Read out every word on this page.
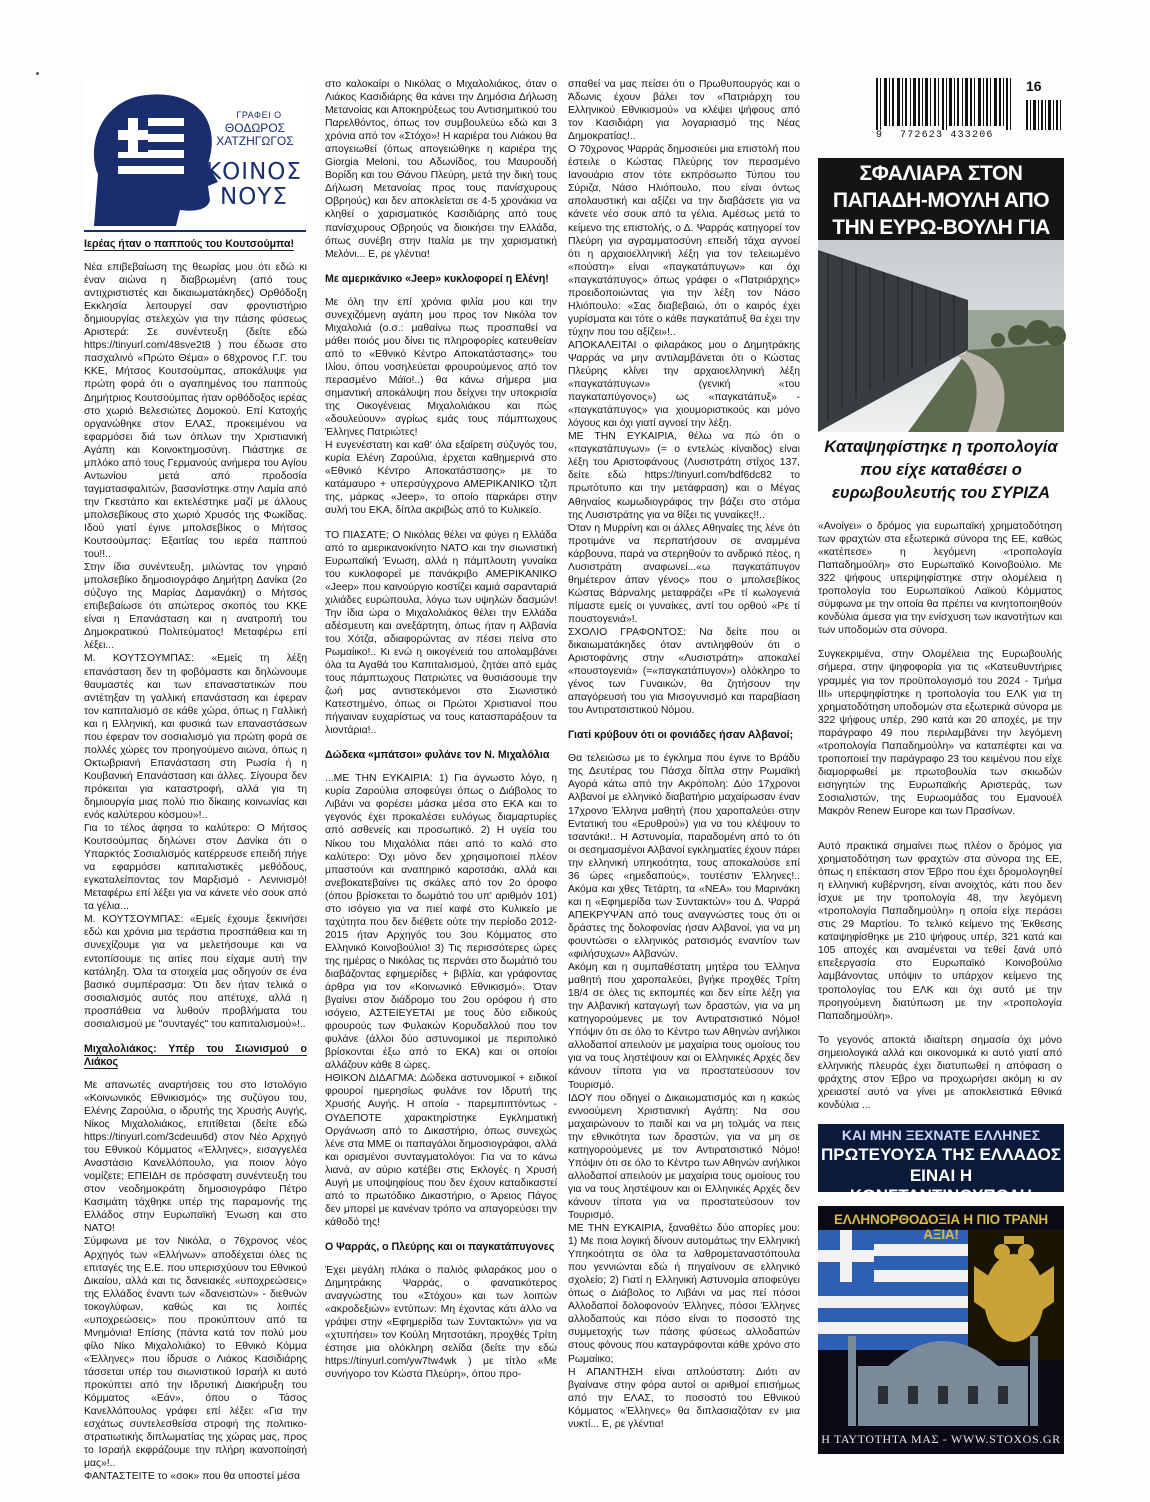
ΓΡΑΦΕΙ Ο
ΘΟΔΩΡΟΣ
ΧΑΤΖΗΓΩΓΟΣ
ΚΟΙΝΟΣ
ΝΟΥΣ

Ιερέας ήταν ο παππούς του Κουτσούμπα!

Νέα επιβεβαίωση της θεωρίας μου ότι εδώ κι έναν αιώνα η διαβρωμένη (από τους αντιχριστιστές και δικαιωματάκηδες) Ορθόδοξη Εκκλησία λειτουργεί σαν φροντιστήριο δημιουργίας στελεχών για την πάσης φύσεως Αριστερά: Σε συνέντευξη (δείτε εδώ https://tinyurl.com/48sve2t8 ) που έδωσε στο πασχαλινό «Πρώτο Θέμα» ο 68χρονος Γ.Γ. του ΚΚΕ, Μήτσος Κουτσούμπας, αποκάλυψε για πρώτη φορά ότι ο αγαπημένος του παππούς Δημήτριος Κουτσούμπας ήταν ορθόδοξος ιερέας στο χωριό Βελεσιώτες Δομοκού. Επί Κατοχής οργανώθηκε στον ΕΛΑΣ, προκειμένου να εφαρμόσει διά των όπλων την Χριστιανική Αγάπη και Κοινοκτημοσύνη. Πιάστηκε σε μπλόκο από τους Γερμανούς ανήμερα του Αγίου Αντωνίου μετά από προδοσία ταγματασφαλιτών, βασανίστηκε στην Λαμία από την Γκεστάπο και εκτελέστηκε μαζί με άλλους μπολσεβίκους στο χωριό Χρυσός της Φωκίδας. Ιδού γιατί έγινε μπολσεβίκος ο Μήτσος Κουτσούμπας: Εξαιτίας του ιερέα παππού του!!..

Στην ίδια συνέντευξη, μιλώντας τον γηραιό μπολσεβίκο δημοσιογράφο Δημήτρη Δανίκα (2ο σύζυγο της Μαρίας Δαμανάκη) ο Μήτσος επιβεβαίωσε ότι απώτερος σκοπός του ΚΚΕ είναι η Επανάσταση και η ανατροπή του Δημοκρατικού Πολιτεύματος! Μεταφέρω επί λέξει...

Μ. ΚΟΥΤΣΟΥΜΠΑΣ: «Εμείς τη λέξη επανάσταση δεν τη φοβόμαστε και δηλώνουμε θαυμαστές και των επαναστατικών που αντέτηξαν τη γαλλική επανάσταση και έφεραν τον καπιταλισμό σε κάθε χώρα, όπως η Γαλλική και η Ελληνική, και φυσικά των επαναστάσεων που έφεραν τον σοσιαλισμό για πρώτη φορά σε πολλές χώρες τον προηγούμενο αιώνα, όπως η Οκτωβριανή Επανάσταση στη Ρωσία ή η Κουβανική Επανάσταση και άλλες. Σίγουρα δεν πρόκειται για καταστροφή, αλλά για τη δημιουργία μιας πολύ πιο δίκαιης κοινωνίας και ενός καλύτερου κόσμου»!..

Για το τέλος άφησα το καλύτερο: Ο Μήτσος Κουτσούμπας δηλώνει στον Δανίκα ότι ο Υπαρκτός Σοσιαλισμός κατέρρευσε επειδή πήγε να εφαρμόσει καπιταλιστικές μεθόδους, εγκαταλείποντας τον Μαρξισμό - Λενινισμό! Μεταφέρω επί λέξει για να κάνετε νέο σουκ από τα γέλια...

Μ. ΚΟΥΤΣΟΥΜΠΑΣ: «Εμείς έχουμε ξεκινήσει εδώ και χρόνια μια τεράστια προσπάθεια και τη συνεχίζουμε για να μελετήσουμε και να εντοπίσουμε τις αιτίες που είχαμε αυτή την κατάληξη. Όλα τα στοιχεία μας οδηγούν σε ένα βασικό συμπέρασμα: Ότι δεν ήταν τελικά ο σοσιαλισμός αυτός που απέτυχε, αλλά η προσπάθεια να λυθούν προβλήματα του σοσιαλισμού με "συνταγές" του καπιταλισμού»!..

Μιχαλολιάκος: Υπέρ του Σιωνισμού ο Λιάκος

Με απανωτές αναρτήσεις του στο Ιστολόγιο «Κοινωνικός Εθνικισμός» της συζύγου του, Ελένης Ζαρούλια, ο ιδρυτής της Χρυσής Αυγής, Νίκος Μιχαλολιάκος, επιτίθεται (δείτε εδώ https://tinyurl.com/3cdeuu6d) στον Νέο Αρχηγό του Εθνικού Κόμματος «Έλληνες», εισαγγελέα Αναστάσιο Κανελλόπουλο, για ποιον λόγο νομίζετε; ΕΠΕΙΔΗ σε πρόσφατη συνέντευξη του στον νεοδημοκράτη δημοσιογράφο Πέτρο Κασιμάτη τάχθηκε υπέρ της παραμονής της Ελλάδος στην Ευρωπαϊκή Ένωση και στο ΝΑΤΟ!

Σύμφωνα με τον Νικόλα, ο 76χρονος νέος Αρχηγός των «Ελλήνων» αποδέχεται όλες τις επιταγές της Ε.Ε. που υπερισχύουν του Εθνικού Δικαίου, αλλά και τις δανειακές «υποχρεώσεις» της Ελλάδος έναντι των «δανειστών» - διεθνών τοκογλύφων, καθώς και τις λοιπές «υποχρεώσεις» που προκύπτουν από τα Μνημόνια! Επίσης (πάντα κατά τον πολύ μου φίλο Νίκο Μιχαλολιάκο) το Εθνικό Κόμμα «Έλληνες» που ίδρυσε ο Λιάκος Κασιδιάρης τάσσεται υπέρ του σιωνιστικού Ισραήλ κι αυτό προκύπτει από την Ιδρυτική Διακήρυξη του Κόμματος «Εάν», όπου ο Τάσος Κανελλόπουλος γράφει επί λέξει: «Για την εσχάτως συντελεσθείσα στροφή της πολιτικο-στρατιωτικής διπλωματίας της χώρας μας, προς το Ισραήλ εκφράζουμε την πλήρη ικανοποίησή μας»!..

ΦΑΝΤΑΣΤΕΙΤΕ το «σοκ» που θα υποστεί μέσα

στο καλοκαίρι ο Νικόλας ο Μιχαλολιάκος, όταν ο Λιάκος Κασιδιάρης θα κάνει την Δημόσια Δήλωση Μετανοίας και Αποκηρύξεως του Αντισημιτικού του Παρελθόντος, όπως τον συμβουλεύω εδώ και 3 χρόνια από τον «Στόχο»! Η καριέρα του Λιάκου θα απογειωθεί (όπως απογειώθηκε η καριέρα της Giorgia Meloni, του Αδωνίδος, του Μαυρουδή Βορίδη και του Θάνου Πλεύρη, μετά την δική τους Δήλωση Μετανοίας προς τους πανίσχυρους Οβρηούς) και δεν αποκλείεται σε 4-5 χρονάκια να κληθεί ο χαρισματικός Κασιδιάρης από τους πανίσχυρους Οβρηούς να διοικήσει την Ελλάδα, όπως συνέβη στην Ιταλία με την χαρισματική Μελόνι... Ε, ρε γλέντια!

Με αμερικάνικο «Jeep» κυκλοφορεί η Ελένη!

Με όλη την επί χρόνια φιλία μου και την συνεχιζόμενη αγάπη μου προς τον Νικόλα τον Μιχαλολιά (ο.σ.: μαθαίνω πως προσπαθεί να μάθει ποιός μου δίνει τις πληροφορίες κατευθείαν από το «Εθνικό Κέντρο Αποκατάστασης» του Ιλίου, όπου νοσηλεύεται φρουρούμενος από τον περασμένο Μάϊο!..) θα κάνω σήμερα μια σημαντική αποκάλυψη που δείχνει την υποκρισία της Οικογένειας Μιχαλολιάκου και πώς «δουλεύουν» αγρίως εμάς τους πάμπτωχους Έλληνες Πατριώτες!

Η ευγενέστατη και καθ' όλα εξαίρετη σύζυγός του, κυρία Ελένη Ζαρούλια, έρχεται καθημερινά στο «Εθνικό Κέντρο Αποκατάστασης» με το κατάμαυρο + υπερσύγχρονο ΑΜΕΡΙΚΑΝΙΚΟ τζιπ της, μάρκας «Jeep», το οποίο παρκάρει στην αυλή του ΕΚΑ, δίπλα ακριβώς από το Κυλικείο.

ΤΟ ΠΙΑΣΑΤΕ; Ο Νικόλας θέλει να φύγει η Ελλάδα από το αμερικανοκίνητο ΝΑΤΟ και την σιωνιστική Ευρωπαϊκή Ένωση, αλλά η πάμπλουτη γυναίκα του κυκλοφορεί με πανάκριβο ΑΜΕΡΙΚΑΝΙΚΟ «Jeep» που καινούργιο κοστίζει καμιά σαρανταριά χιλιάδες ευρώπουλα, λόγω των υψηλών δασμών! Την ίδια ώρα ο Μιχαλολιάκος θέλει την Ελλάδα αδέσμευτη και ανεξάρτητη, όπως ήταν η Αλβανία του Χότζα, αδιαφορώντας αν πέσει πείνα στο Ρωμαίικο!.. Κι ενώ η οικογένειά του απολαμβάνει όλα τα Αγαθά του Καπιταλισμού, ζητάει από εμάς τους πάμπτωχους Πατριώτες να θυσιάσουμε την ζωή μας αντιστεκόμενοι στο Σιωνιστικό Κατεστημένο, όπως οι Πρώτοι Χριστιανοί που πήγαιναν ευχαρίστως να τους κατασπαράξουν τα λιοντάρια!..

Δώδεκα «μπάτσοι» φυλάνε τον Ν. Μιχαλόλια

...ΜΕ ΤΗΝ ΕΥΚΑΙΡΙΑ: 1) Για άγνωστο λόγο, η κυρία Ζαρούλια αποφεύγει όπως ο Διάβολος το Λιβάνι να φορέσει μάσκα μέσα στο ΕΚΑ και το γεγονός έχει προκαλέσει ευλόγως διαμαρτυρίες από ασθενείς και προσωπικό. 2) Η υγεία του Νίκου του Μιχαλόλια πάει από το καλό στο καλύτερο: Όχι μόνο δεν χρησιμοποιεί πλέον μπαστούνι και αναπηρικό καροτσάκι, αλλά και ανεβοκατεβαίνει τις σκάλες από τον 2ο όροφο (όπου βρίσκεται το δωμάτιό του υπ' αριθμόν 101) στο ισόγειο για να πιεί καφέ στο Κυλικείο με ταχύτητα που δεν διέθετε ούτε την περίοδο 2012-2015 ήταν Αρχηγός του 3ου Κόμματος στο Ελληνικό Κοινοβούλιο! 3) Τις περισσότερες ώρες της ημέρας ο Νικόλας τις περνάει στο δωμάτιό του διαβάζοντας εφημερίδες + βιβλία, και γράφοντας άρθρα για τον «Κοινωνικό Εθνικισμό». Όταν βγαίνει στον διάδρομο του 2ου ορόφου ή στο ισόγειο, ΑΣΤΕΙΕΥΕΤΑΙ με τους δύο ειδικούς φρουρούς των Φυλακών Κορυδαλλού που τον φυλάνε (άλλοι δύο αστυνομικοί με περιπολικό βρίσκονται έξω από το ΕΚΑ) και οι οποίοι αλλάζουν κάθε 8 ώρες.

ΗΘΙΚΟΝ ΔΙΔΑΓΜΑ: Δώδεκα αστυνομικοί + ειδικοί φρουροί ημερησίως φυλάνε τον Ιδρυτή της Χρυσής Αυγής. Η οποία - παρεμπιπτόντως - ΟΥΔΕΠΟΤΕ χαρακτηρίστηκε Εγκληματική Οργάνωση από το Δικαστήριο, όπως συνεχώς λένε στα ΜΜΕ οι παπαγάλοι δημοσιογράφοι, αλλά και ορισμένοι συνταγματολόγοι: Για να το κάνω λιανά, αν αύριο κατέβει στις Εκλογές η Χρυσή Αυγή με υποψηφίους που δεν έχουν καταδικαστεί από το πρωτόδικο Δικαστήριο, ο Άρειος Πάγος δεν μπορεί με κανέναν τρόπο να απαγορεύσει την κάθοδό της!

Ο Ψαρράς, ο Πλεύρης και οι παγκατάπυγονες

Έχει μεγάλη πλάκα ο παλιός φιλαράκος μου ο Δημητράκης Ψαρράς, ο φανατικότερος αναγνώστης του «Στόχου» και των λοιπών «ακροδεξιών» εντύπων: Μη έχοντας κάτι άλλο να γράψει στην «Εφημερίδα των Συντακτών» για να «χτυπήσει» τον Κούλη Μητσοτάκη, προχθές Τρίτη έστησε μια ολόκληρη σελίδα (δείτε την εδώ https://tinyurl.com/yw7tw4wk ) με τίτλο «Με συνήγορο τον Κώστα Πλεύρη», όπου προ-

σπαθεί να μας πείσει ότι ο Πρωθυπουργός και ο Άδωνις έχουν βάλει τον «Πατριάρχη του Ελληνικού Εθνικισμού» να κλέψει ψήφους από τον Κασιδιάρη για λογαριασμό της Νέας Δημοκρατίας!..

Ο 70χρονος Ψαρράς δημοσιεύει μια επιστολή που έστειλε ο Κώστας Πλεύρης τον περασμένο Ιανουάριο στον τότε εκπρόσωπο Τύπου του Σύριζα, Νάσο Ηλιόπουλο, που είναι όντως απολαυστική και αξίζει να την διαβάσετε για να κάνετε νέο σουκ από τα γέλια. Αμέσως μετά το κείμενο της επιστολής, ο Δ. Ψαρράς κατηγορεί τον Πλεύρη για αγραμματοσύνη επειδή τάχα αγνοεί ότι η αρχαιοελληνική λέξη για τον τελειωμένο «πούστη» είναι «παγκατάπυγων» και όχι «παγκατάπυγος» όπως γράφει ο «Πατριάρχης» προειδοποιώντας για την λέξη τον Νάσο Ηλιόπουλο: «Σας διαβεβαιώ, ότι ο καιρός έχει γυρίσματα και τότε ο κάθε παγκατάπυξ θα έχει την τύχην που του αξίζει»!..

ΑΠΟΚΑΛΕΙΤΑΙ ο φιλαράκος μου ο Δημητράκης Ψαρράς να μην αντιλαμβάνεται ότι ο Κώστας Πλεύρης κλίνει την αρχαιοελληνική λέξη «παγκατάπυγων» (γενική «του παγκαταπύγονος») ως «παγκατάπυξ» - «παγκατάπυγος» για χιουμοριστικούς και μόνο λόγους και όχι γιατί αγνοεί την λέξη.

ΜΕ ΤΗΝ ΕΥΚΑΙΡΙΑ, θέλω να πώ ότι ο «παγκατάπυγων» (= ο εντελώς κίναιδος) είναι λέξη του Αριστοφάνους (Λυσιστράτη στίχος 137, δείτε εδώ https://tinyurl.com/bdf6dc82 το πρωτότυπο και την μετάφραση) και ο Μέγας Αθηναίος κωμωδιογράφος την βάζει στο στόμα της Λυσιστράτης για να θίξει τις γυναίκες!!..

Όταν η Μυρρίνη και οι άλλες Αθηναίες της λένε ότι προτιμάνε να περπατήσουν σε αναμμένα κάρβουνα, παρά να στερηθούν το ανδρικό πέος, η Λυσιστράτη αναφωνεί...«ω παγκατάπυγον θημέτερον άπαν γένος» που ο μπολσεβίκος Κώστας Βάρναλης μεταφράζει «Ρε τί κωλογενιά πίμαστε εμείς οι γυναίκες, αντί του ορθού «Ρε τί πουστογενιά»!.

ΣΧΟΛΙΟ ΓΡΑΦΟΝΤΟΣ: Να δείτε που οι δικαιωματάκηδες όταν αντιληφθούν ότι ο Αριστοφάνης στην «Λυσιστράτη» αποκαλεί «πουστογενιά» (=«παγκατάπυγον») ολόκληρο το γένος των Γυναικών, θα ζητήσουν την απαγόρευσή του για Μισογυνισμό και παραβίαση του Αντιρατσιστικού Νόμου.

Γιατί κρύβουν ότι οι φονιάδες ήσαν Αλβανοί;

Θα τελειώσω με το έγκλημα που έγινε το Βράδυ της Δευτέρας του Πάσχα δίπλα στην Ρωμαϊκή Αγορά κάτω από την Ακρόπολη: Δύο 17χρονοι Αλβανοί με ελληνικό διαβατήριο μαχαίρωσαν έναν 17χρονο Έλληνα μαθητή (που χαροπαλεύει στην Εντατική του «Ερυθρού») για να του κλέψουν το τσαντάκι!.. Η Αστυνομία, παραδομένη από το ότι οι σεσημασμένοι Αλβανοί εγκληματίες έχουν πάρει την ελληνική υπηκοότητα, τους αποκαλούσε επί 36 ώρες «ημεδαπούς», τουτέστιν Έλληνες!.. Ακόμα και χθες Τετάρτη, τα «ΝΕΑ» του Μαρινάκη και η «Εφημερίδα των Συντακτών» του Δ. Ψαρρά ΑΠΕΚΡΥΨΑΝ από τους αναγνώστες τους ότι οι δράστες της δολοφονίας ήσαν Αλβανοί, για να μη φουντώσει ο ελληνικός ρατσισμός εναντίον των «φιλήσυχων» Αλβανών.

Ακόμη και η συμπαθέστατη μητέρα του Έλληνα μαθητή που χαροπαλεύει, βγήκε προχθές Τρίτη 18/4 σε όλες τις εκπομπές και δεν είπε λέξη για την Αλβανική καταγωγή των δραστών, για να μη κατηγορούμενες με τον Αντιρατσιστικό Νόμο! Υπόψιν ότι σε όλο το Κέντρο των Αθηνών ανήλικοι αλλοδαποί απειλούν με μαχαίρια τους ομοίους του για να τους ληστέψουν και οι Ελληνικές Αρχές δεν κάνουν τίποτα για να προστατεύσουν τον Τουρισμό.

ΙΔΟΥ που οδηγεί ο Δικαιωματισμός και η κακώς εννοούμενη Χριστιανική Αγάπη: Να σου μαχαιρώνουν το παιδί και να μη τολμάς να πεις την εθνικότητα των δραστών, για να μη σε κατηγορούμενες με τον Αντιρατσιστικό Νόμο! Υπόψιν ότι σε όλο το Κέντρο των Αθηνών ανήλικοι αλλοδαποί απειλούν με μαχαίρια τους ομοίους του για να τους ληστέψουν και οι Ελληνικές Αρχές δεν κάνουν τίποτα για να προστατεύσουν τον Τουρισμό.

ΜΕ ΤΗΝ ΕΥΚΑΙΡΙΑ, ξαναθέτω δύο απορίες μου: 1) Με ποια λογική δίνουν αυτομάτως την Ελληνική Υπηκοότητα σε όλα τα λαθρομεταναστόπουλα που γεννιώνται εδώ ή πηγαίνουν σε ελληνικό σχολείο; 2) Γιατί η Ελληνική Αστυνομία αποφεύγει όπως ο Διάβολος το Λιβάνι να μας πεί πόσοι Αλλοδαποί δολοφονούν Έλληνες, πόσοι Έλληνες αλλοδαπούς και πόσο είναι το ποσοστό της συμμετοχής των πάσης φύσεως αλλοδαπών στους φόνους που καταγράφονται κάθε χρόνο στο Ρωμαίικο;

Η ΑΠΑΝΤΗΣΗ είναι απλούστατη: Διότι αν βγαίνανε στην φόρα αυτοί οι αριθμοί επισήμως από την ΕΛΑΣ, το ποσοστό του Εθνικού Κόμματος «Έλληνες» θα διπλασιαζόταν εν μια νυκτί... Ε, ρε γλέντια!

9 772623 433206
16
ΣΦΑΛΙΑΡΑ ΣΤΟΝ ΠΑΠΑΔΗ-ΜΟΥΛΗ ΑΠΟ ΤΗΝ ΕΥΡΩ-ΒΟΥΛΗ ΓΙΑ
Καταψηφίστηκε η τροπολογία που είχε καταθέσει ο ευρωβουλευτής του ΣΥΡΙΖΑ

«Ανοίγει» ο δρόμος για ευρωπαϊκή χρηματοδότηση των φραχτών στα εξωτερικά σύνορα της ΕΕ, καθώς «κατέπεσε» η λεγόμενη «τροπολογία Παπαδημούλη» στο Ευρωπαϊκό Κοινοβούλιο. Με 322 ψήφους υπερψηφίστηκε στην ολομέλεια η τροπολογία του Ευρωπαϊκού Λαϊκού Κόμματος σύμφωνα με την οποία θα πρέπει να κινητοποιηθούν κονδύλια άμεσα για την ενίσχυση των ικανοτήτων και των υποδομών στα σύνορα.

Συγκεκριμένα, στην Ολομέλεια της Ευρωβουλής σήμερα, στην ψηφοφορία για τις «Κατευθυντήριες γραμμές για τον προϋπολογισμό του 2024 - Τμήμα ΙΙΙ» υπερψηφίστηκε η τροπολογία του ΕΛΚ για τη χρηματοδότηση υποδομών στα εξωτερικά σύνορα με 322 ψήφους υπέρ, 290 κατά και 20 αποχές, με την παράγραφο 49 που περιλαμβάνει την λεγόμενη «τροπολογία Παπαδημούλη» να καταπέφτει και να τροποποιεί την παράγραφο 23 του κειμένου που είχε διαμορφωθεί με πρωτοβουλία των σκιωδών εισηγητών της Ευρωπαϊκής Αριστεράς, των Σοσιαλιστών, της Ευρωομάδας του Εμανουέλ Μακρόν Renew Europe και των Πρασίνων.

Αυτό πρακτικά σημαίνει πως πλέον ο δρόμος για χρηματοδότηση των φραχτών στα σύνορα της ΕΕ, όπως η επέκταση στον Έβρο που έχει δρομολογηθεί η ελληνική κυβέρνηση, είναι ανοιχτός, κάτι που δεν ίσχυε με την τροπολογία 48, την λεγόμενη «τροπολογία Παπαδημούλη» η οποία είχε περάσει στις 29 Μαρτίου. Το τελικό κείμενο της Έκθεσης καταψηφίσθηκε με 210 ψήφους υπέρ, 321 κατά και 105 αποχές και αναμένεται να τεθεί ξανά υπό επεξεργασία στο Ευρωπαϊκό Κοινοβούλιο λαμβάνοντας υπόψιν το υπάρχον κείμενο της τροπολογίας του ΕΛΚ και όχι αυτό με την προηγούμενη διατύπωση με την «τροπολογία Παπαδημούλη».

Το γεγονός αποκτά ιδιαίτερη σημασία όχι μόνο σημειολογικά αλλά και οικονομικά κι αυτό γιατί από ελληνικής πλευράς έχει διατυπωθεί η απόφαση ο φράχτης στον Έβρο να προχωρήσει ακόμη κι αν χρειαστεί αυτό να γίνει με αποκλειστικά Εθνικά κονδύλια ...

ΚΑΙ ΜΗΝ ΞΕΧΝΑΤΕ ΕΛΛΗΝΕΣ
ΠΡΩΤΕΥΟΥΣΑ ΤΗΣ ΕΛΛΑΔΟΣ
ΕΙΝΑΙ Η ΚΩΝΣΤΑΝΤΙΝΟΥΠΟΛΗ
ΕΛΛΗΝΟΡΘΟΔΟΞΙΑ Η ΠΙΟ ΤΡΑΝΗ ΑΞΙΑ!
Η ΤΑΥΤΟΤΗΤΑ ΜΑΣ - WWW.STOXOS.GR
